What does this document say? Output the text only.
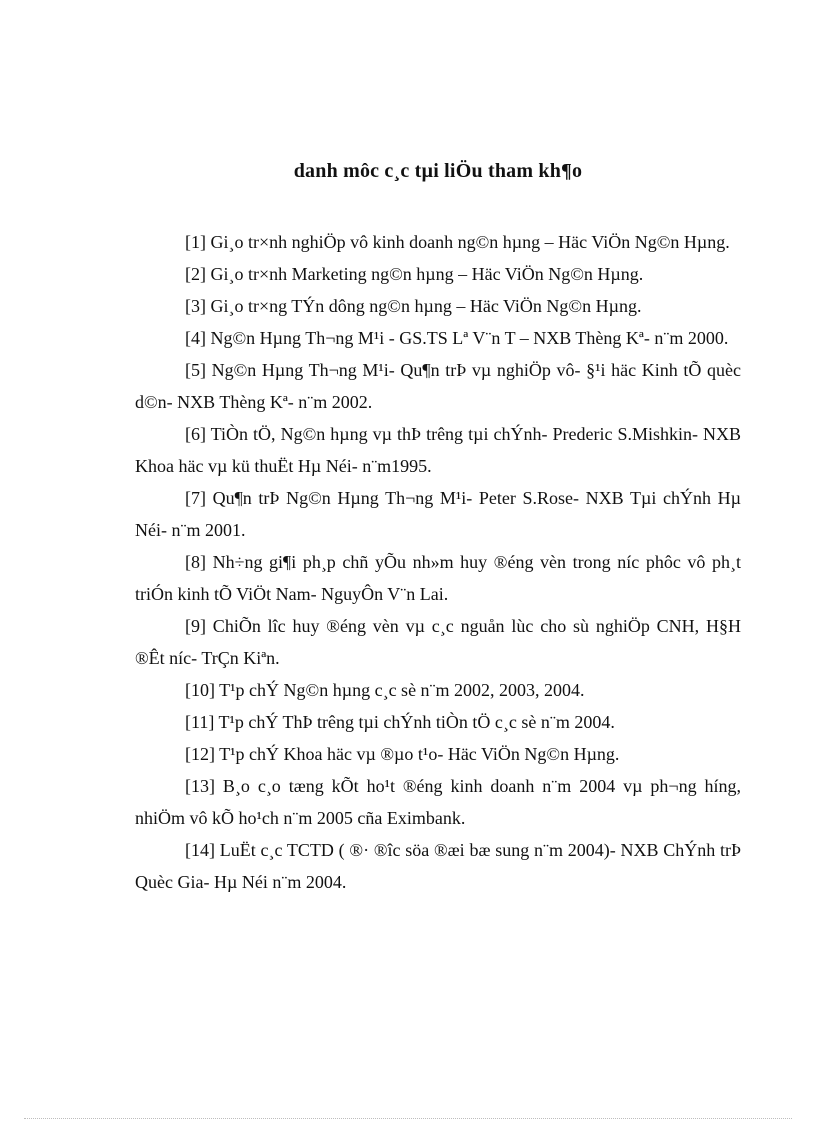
danh môc c¸c tµi liÖu tham kh¶o

[1] Gi¸o tr×nh nghiÖp vô kinh doanh ng©n hµng – Häc ViÖn Ng©n Hµng.

[2] Gi¸o tr×nh Marketing ng©n hµng – Häc ViÖn Ng©n Hµng.

[3] Gi¸o tr×ng TÝn dông ng©n hµng – Häc ViÖn Ng©n Hµng.

[4] Ng©n Hµng Th¬ng M¹i - GS.TS Lª V¨n T – NXB Thèng Kª- n¨m 2000.

[5] Ng©n Hµng Th¬ng M¹i- Qu¶n trÞ vµ nghiÖp vô- §¹i häc Kinh tÕ quèc d©n- NXB Thèng Kª- n¨m 2002.

[6] TiÒn tÖ, Ng©n hµng vµ thÞ trêng tµi chÝnh- Prederic S.Mishkin- NXB Khoa häc vµ kü thuËt Hµ Néi- n¨m1995.

[7] Qu¶n trÞ Ng©n Hµng Th¬ng M¹i- Peter S.Rose- NXB Tµi chÝnh Hµ Néi- n¨m 2001.

[8] Nh÷ng gi¶i ph¸p chñ yÕu nh»m huy ®éng vèn trong níc phôc vô ph¸t triÓn kinh tÕ ViÖt Nam- NguyÔn V¨n Lai.

[9] ChiÕn lîc huy ®éng vèn vµ c¸c nguån lùc cho sù nghiÖp CNH, H§H ®Êt níc- TrÇn Kiªn.

[10] T¹p chÝ Ng©n hµng c¸c sè n¨m 2002, 2003, 2004.

[11] T¹p chÝ ThÞ trêng tµi chÝnh tiÒn tÖ c¸c sè n¨m 2004.

[12] T¹p chÝ Khoa häc vµ ®µo t¹o- Häc ViÖn Ng©n Hµng.

[13] B¸o c¸o tæng kÕt ho¹t ®éng kinh doanh n¨m 2004 vµ ph¬ng híng, nhiÖm vô kÕ ho¹ch n¨m 2005 cña Eximbank.

[14] LuËt c¸c TCTD ( ®· ®îc söa ®æi bæ sung n¨m 2004)- NXB ChÝnh trÞ Quèc Gia- Hµ Néi n¨m 2004.
